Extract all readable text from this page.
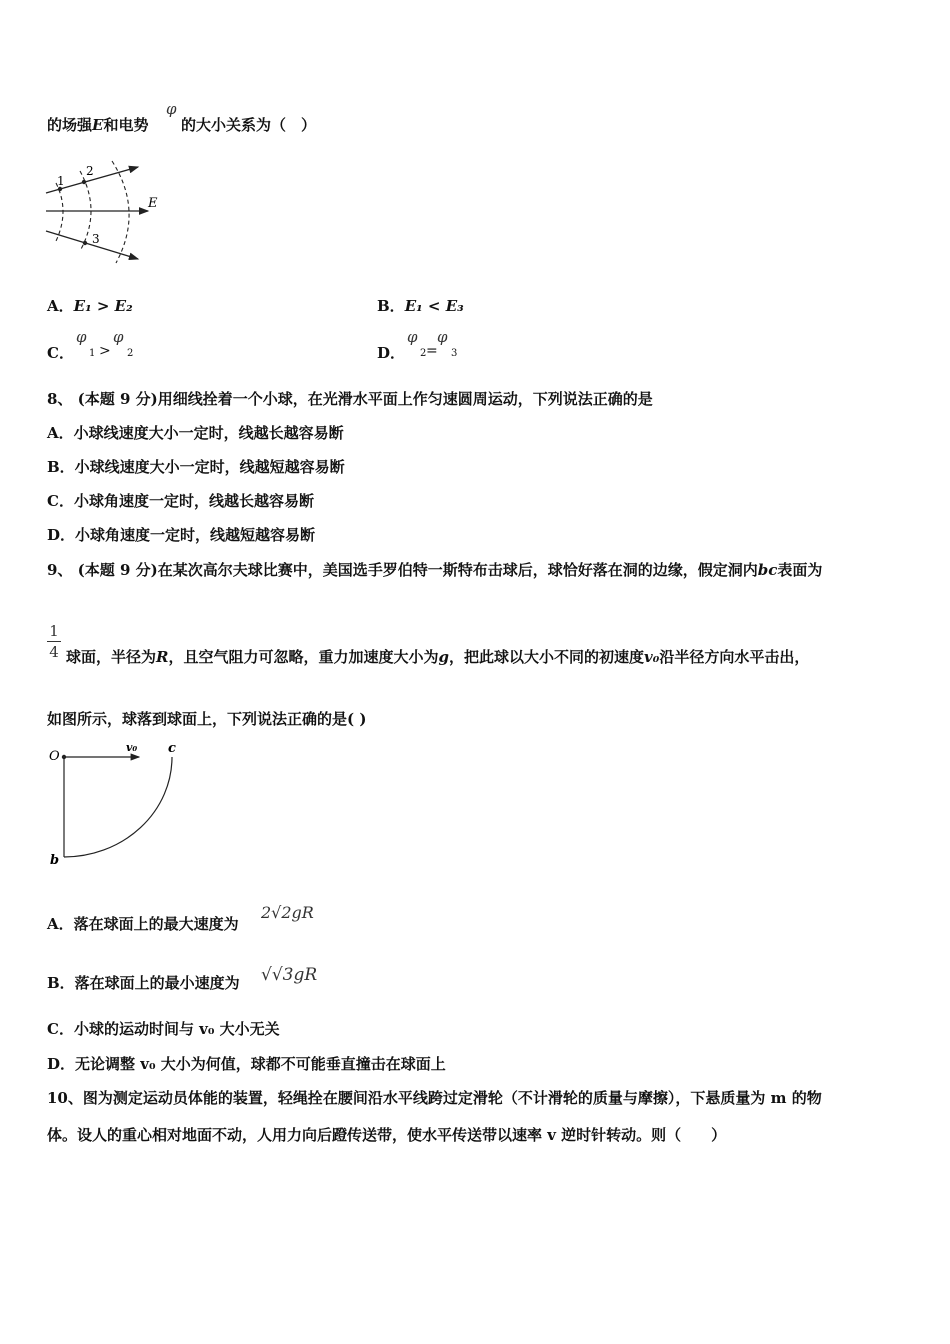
的场强E和电势
φ
的大小关系为（　）
1
2
3
E
A．E₁ > E₂	B．E₁ < E₃
C．
φ
1 >
φ
2	D．
φ
2 =
φ
3
8、 (本题 9 分)用细线拴着一个小球，在光滑水平面上作匀速圆周运动，下列说法正确的是
A．小球线速度大小一定时，线越长越容易断
B．小球线速度大小一定时，线越短越容易断
C．小球角速度一定时，线越长越容易断
D．小球角速度一定时，线越短越容易断
9、 (本题 9 分)在某次高尔夫球比赛中，美国选手罗伯特一斯特布击球后，球恰好落在洞的边缘，假定洞内bc表面为
1
4 球面，半径为R，且空气阻力可忽略，重力加速度大小为g，把此球以大小不同的初速度v₀沿半径方向水平击出，
如图所示，球落到球面上，下列说法正确的是( )
O
v₀ c
b
A．落在球面上的最大速度为
2√2gR
B．落在球面上的最小速度为 √√3gR
C．小球的运动时间与 v₀ 大小无关
D．无论调整 v₀ 大小为何值，球都不可能垂直撞击在球面上
10、图为测定运动员体能的装置，轻绳拴在腰间沿水平线跨过定滑轮（不计滑轮的质量与摩擦），下悬质量为 m 的物
体。设人的重心相对地面不动，人用力向后蹬传送带，使水平传送带以速率 v 逆时针转动。则（　　）
